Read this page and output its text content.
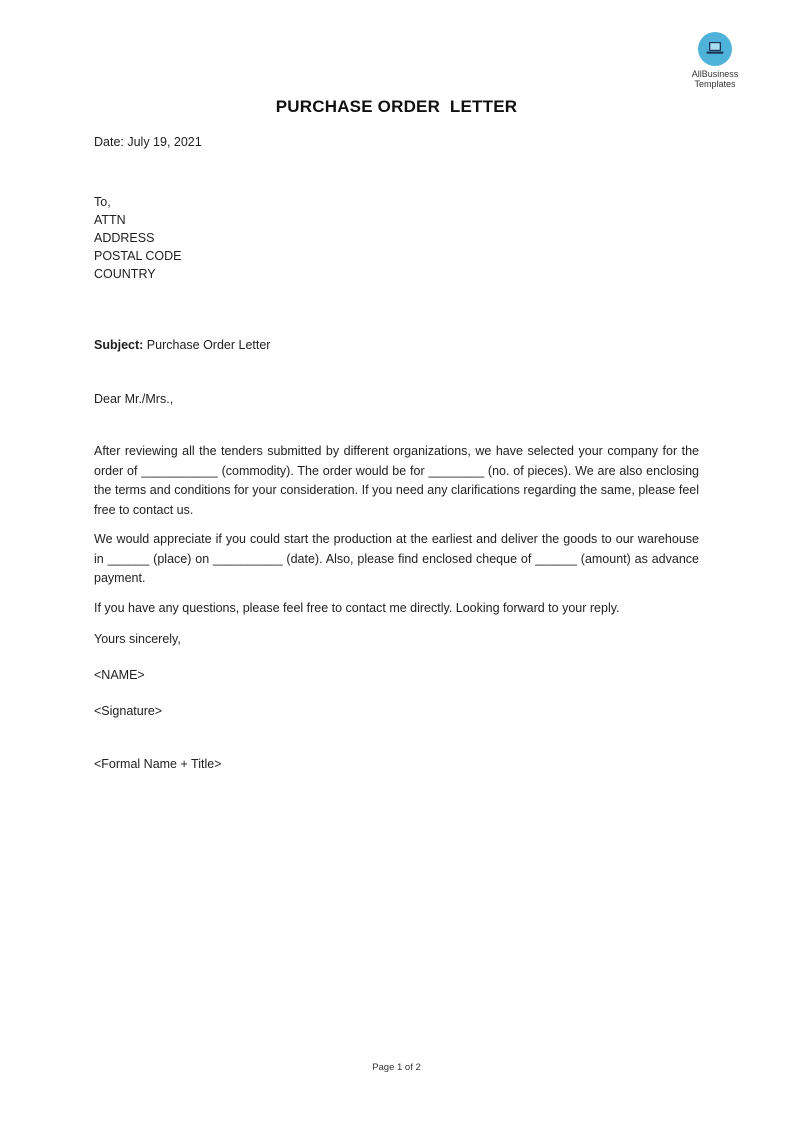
AllBusiness
Templates
PURCHASE ORDER  LETTER
Date: July 19, 2021
To,
ATTN
ADDRESS
POSTAL CODE
COUNTRY
Subject: Purchase Order Letter
Dear Mr./Mrs.,
After reviewing all the tenders submitted by different organizations, we have selected your company for the order of ___________ (commodity). The order would be for ________ (no. of pieces). We are also enclosing the terms and conditions for your consideration. If you need any clarifications regarding the same, please feel free to contact us.
We would appreciate if you could start the production at the earliest and deliver the goods to our warehouse in ______ (place) on __________ (date). Also, please find enclosed cheque of ______ (amount) as advance payment.
If you have any questions, please feel free to contact me directly. Looking forward to your reply.
Yours sincerely,
<NAME>
<Signature>
<Formal Name + Title>
Page 1 of 2
